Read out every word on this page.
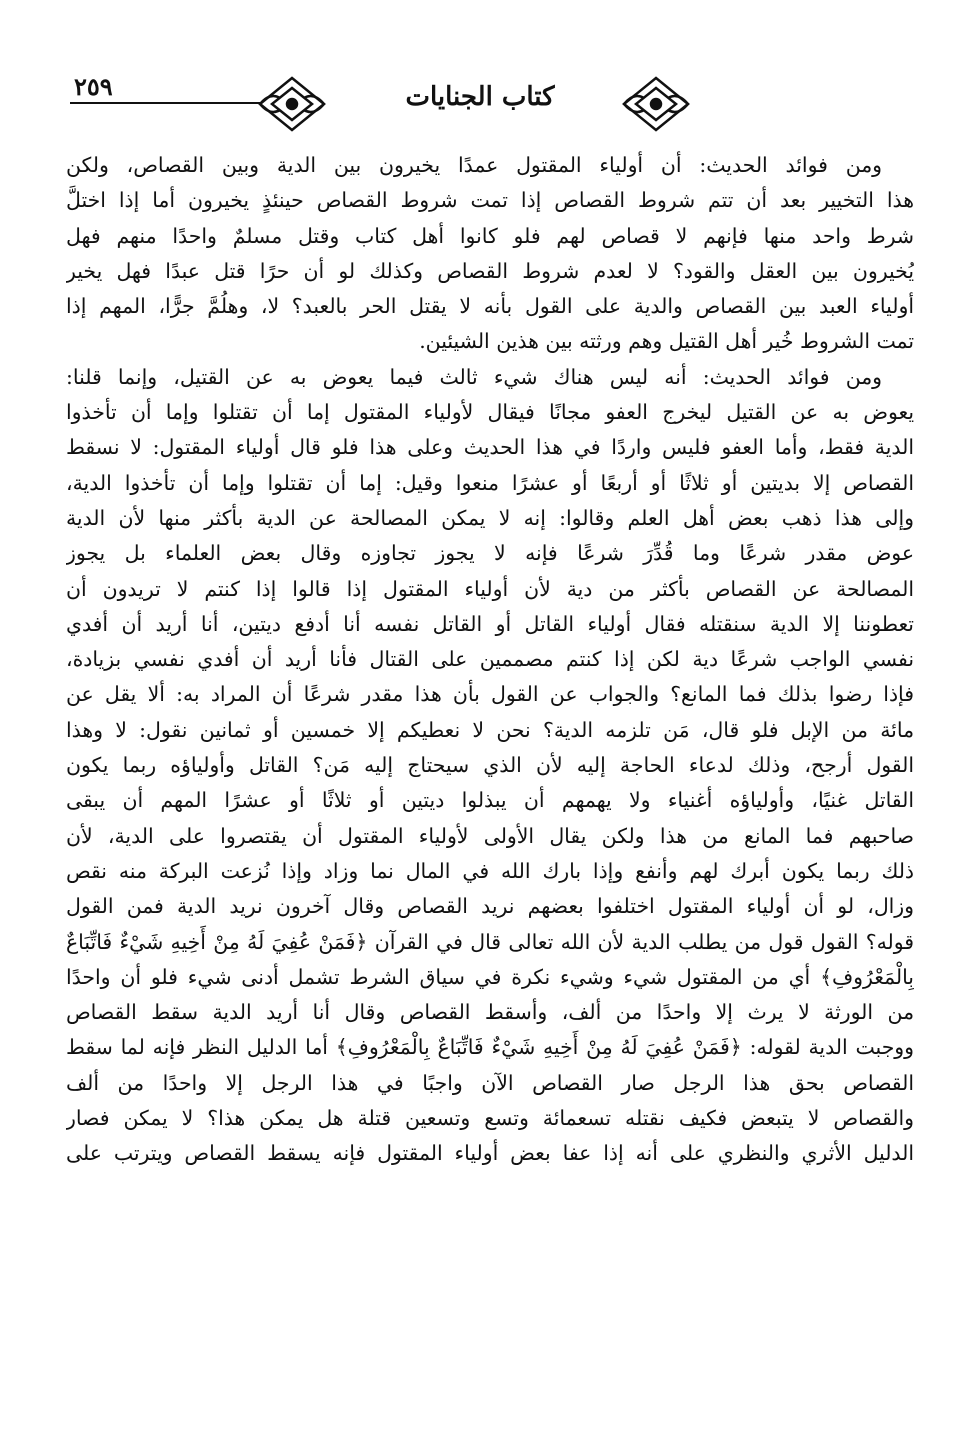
٢٥٩	كتاب الجنايات
ومن فوائد الحديث: أن أولياء المقتول عمدًا يخيرون بين الدية وبين القصاص، ولكن
هذا التخيير بعد أن تتم شروط القصاص إذا تمت شروط القصاص حينئذٍ يخيرون أما إذا اختلَّ
شرط واحد منها فإنهم لا قصاص لهم فلو كانوا أهل كتاب وقتل مسلمٌ واحدًا منهم فهل
يُخيرون بين العقل والقود؟ لا لعدم شروط القصاص وكذلك لو أن حرًا قتل عبدًا فهل يخير
أولياء العبد بين القصاص والدية على القول بأنه لا يقتل الحر بالعبد؟ لا، وهلُمَّ جرًّا، المهم إذا
تمت الشروط خُير أهل القتيل وهم ورثته بين هذين الشيئين.
ومن فوائد الحديث: أنه ليس هناك شيء ثالث فيما يعوض به عن القتيل، وإنما قلنا:
يعوض به عن القتيل ليخرج العفو مجانًا فيقال لأولياء المقتول إما أن تقتلوا وإما أن تأخذوا
الدية فقط، وأما العفو فليس واردًا في هذا الحديث وعلى هذا فلو قال أولياء المقتول: لا نسقط
القصاص إلا بديتين أو ثلاثًا أو أربعًا أو عشرًا منعوا وقيل: إما أن تقتلوا وإما أن تأخذوا الدية،
وإلى هذا ذهب بعض أهل العلم وقالوا: إنه لا يمكن المصالحة عن الدية بأكثر منها لأن الدية
عوض مقدر شرعًا وما قُدِّرَ شرعًا فإنه لا يجوز تجاوزه وقال بعض العلماء بل يجوز
المصالحة عن القصاص بأكثر من دية لأن أولياء المقتول إذا قالوا إذا كنتم لا تريدون أن
تعطوننا إلا الدية سنقتله فقال أولياء القاتل أو القاتل نفسه أنا أدفع ديتين، أنا أريد أن أفدي
نفسي الواجب شرعًا دية لكن إذا كنتم مصممين على القتال فأنا أريد أن أفدي نفسي بزيادة،
فإذا رضوا بذلك فما المانع؟ والجواب عن القول بأن هذا مقدر شرعًا أن المراد به: ألا يقل عن
مائة من الإبل فلو قال، مَن تلزمه الدية؟ نحن لا نعطيكم إلا خمسين أو ثمانين نقول: لا وهذا
القول أرجح، وذلك لدعاء الحاجة إليه لأن الذي سيحتاج إليه مَن؟ القاتل وأولياؤه ربما يكون
القاتل غنيًا، وأولياؤه أغنياء ولا يهمهم أن يبذلوا ديتين أو ثلاثًا أو عشرًا المهم أن يبقى
صاحبهم فما المانع من هذا ولكن يقال الأولى لأولياء المقتول أن يقتصروا على الدية، لأن
ذلك ربما يكون أبرك لهم وأنفع وإذا بارك الله في المال نما وزاد وإذا نُزعت البركة منه نقص
وزال، لو أن أولياء المقتول اختلفوا بعضهم نريد القصاص وقال آخرون نريد الدية فمن القول
قوله؟ القول قول من يطلب الدية لأن الله تعالى قال في القرآن ﴿فَمَنْ عُفِيَ لَهُ مِنْ أَخِيهِ شَيْءٌ فَاتِّبَاعٌ
بِالْمَعْرُوفِ﴾ أي من المقتول شيء وشيء نكرة في سياق الشرط تشمل أدنى شيء فلو أن واحدًا
من الورثة لا يرث إلا واحدًا من ألف، وأسقط القصاص وقال أنا أريد الدية سقط القصاص
ووجبت الدية لقوله: ﴿فَمَنْ عُفِيَ لَهُ مِنْ أَخِيهِ شَيْءٌ فَاتِّبَاعٌ بِالْمَعْرُوفِ﴾ أما الدليل النظر فإنه لما سقط
القصاص بحق هذا الرجل صار القصاص الآن واجبًا في هذا الرجل إلا واحدًا من ألف
والقصاص لا يتبعض فكيف نقتله تسعمائة وتسع وتسعين قتلة هل يمكن هذا؟ لا يمكن فصار
الدليل الأثري والنظري على أنه إذا عفا بعض أولياء المقتول فإنه يسقط القصاص ويترتب على
